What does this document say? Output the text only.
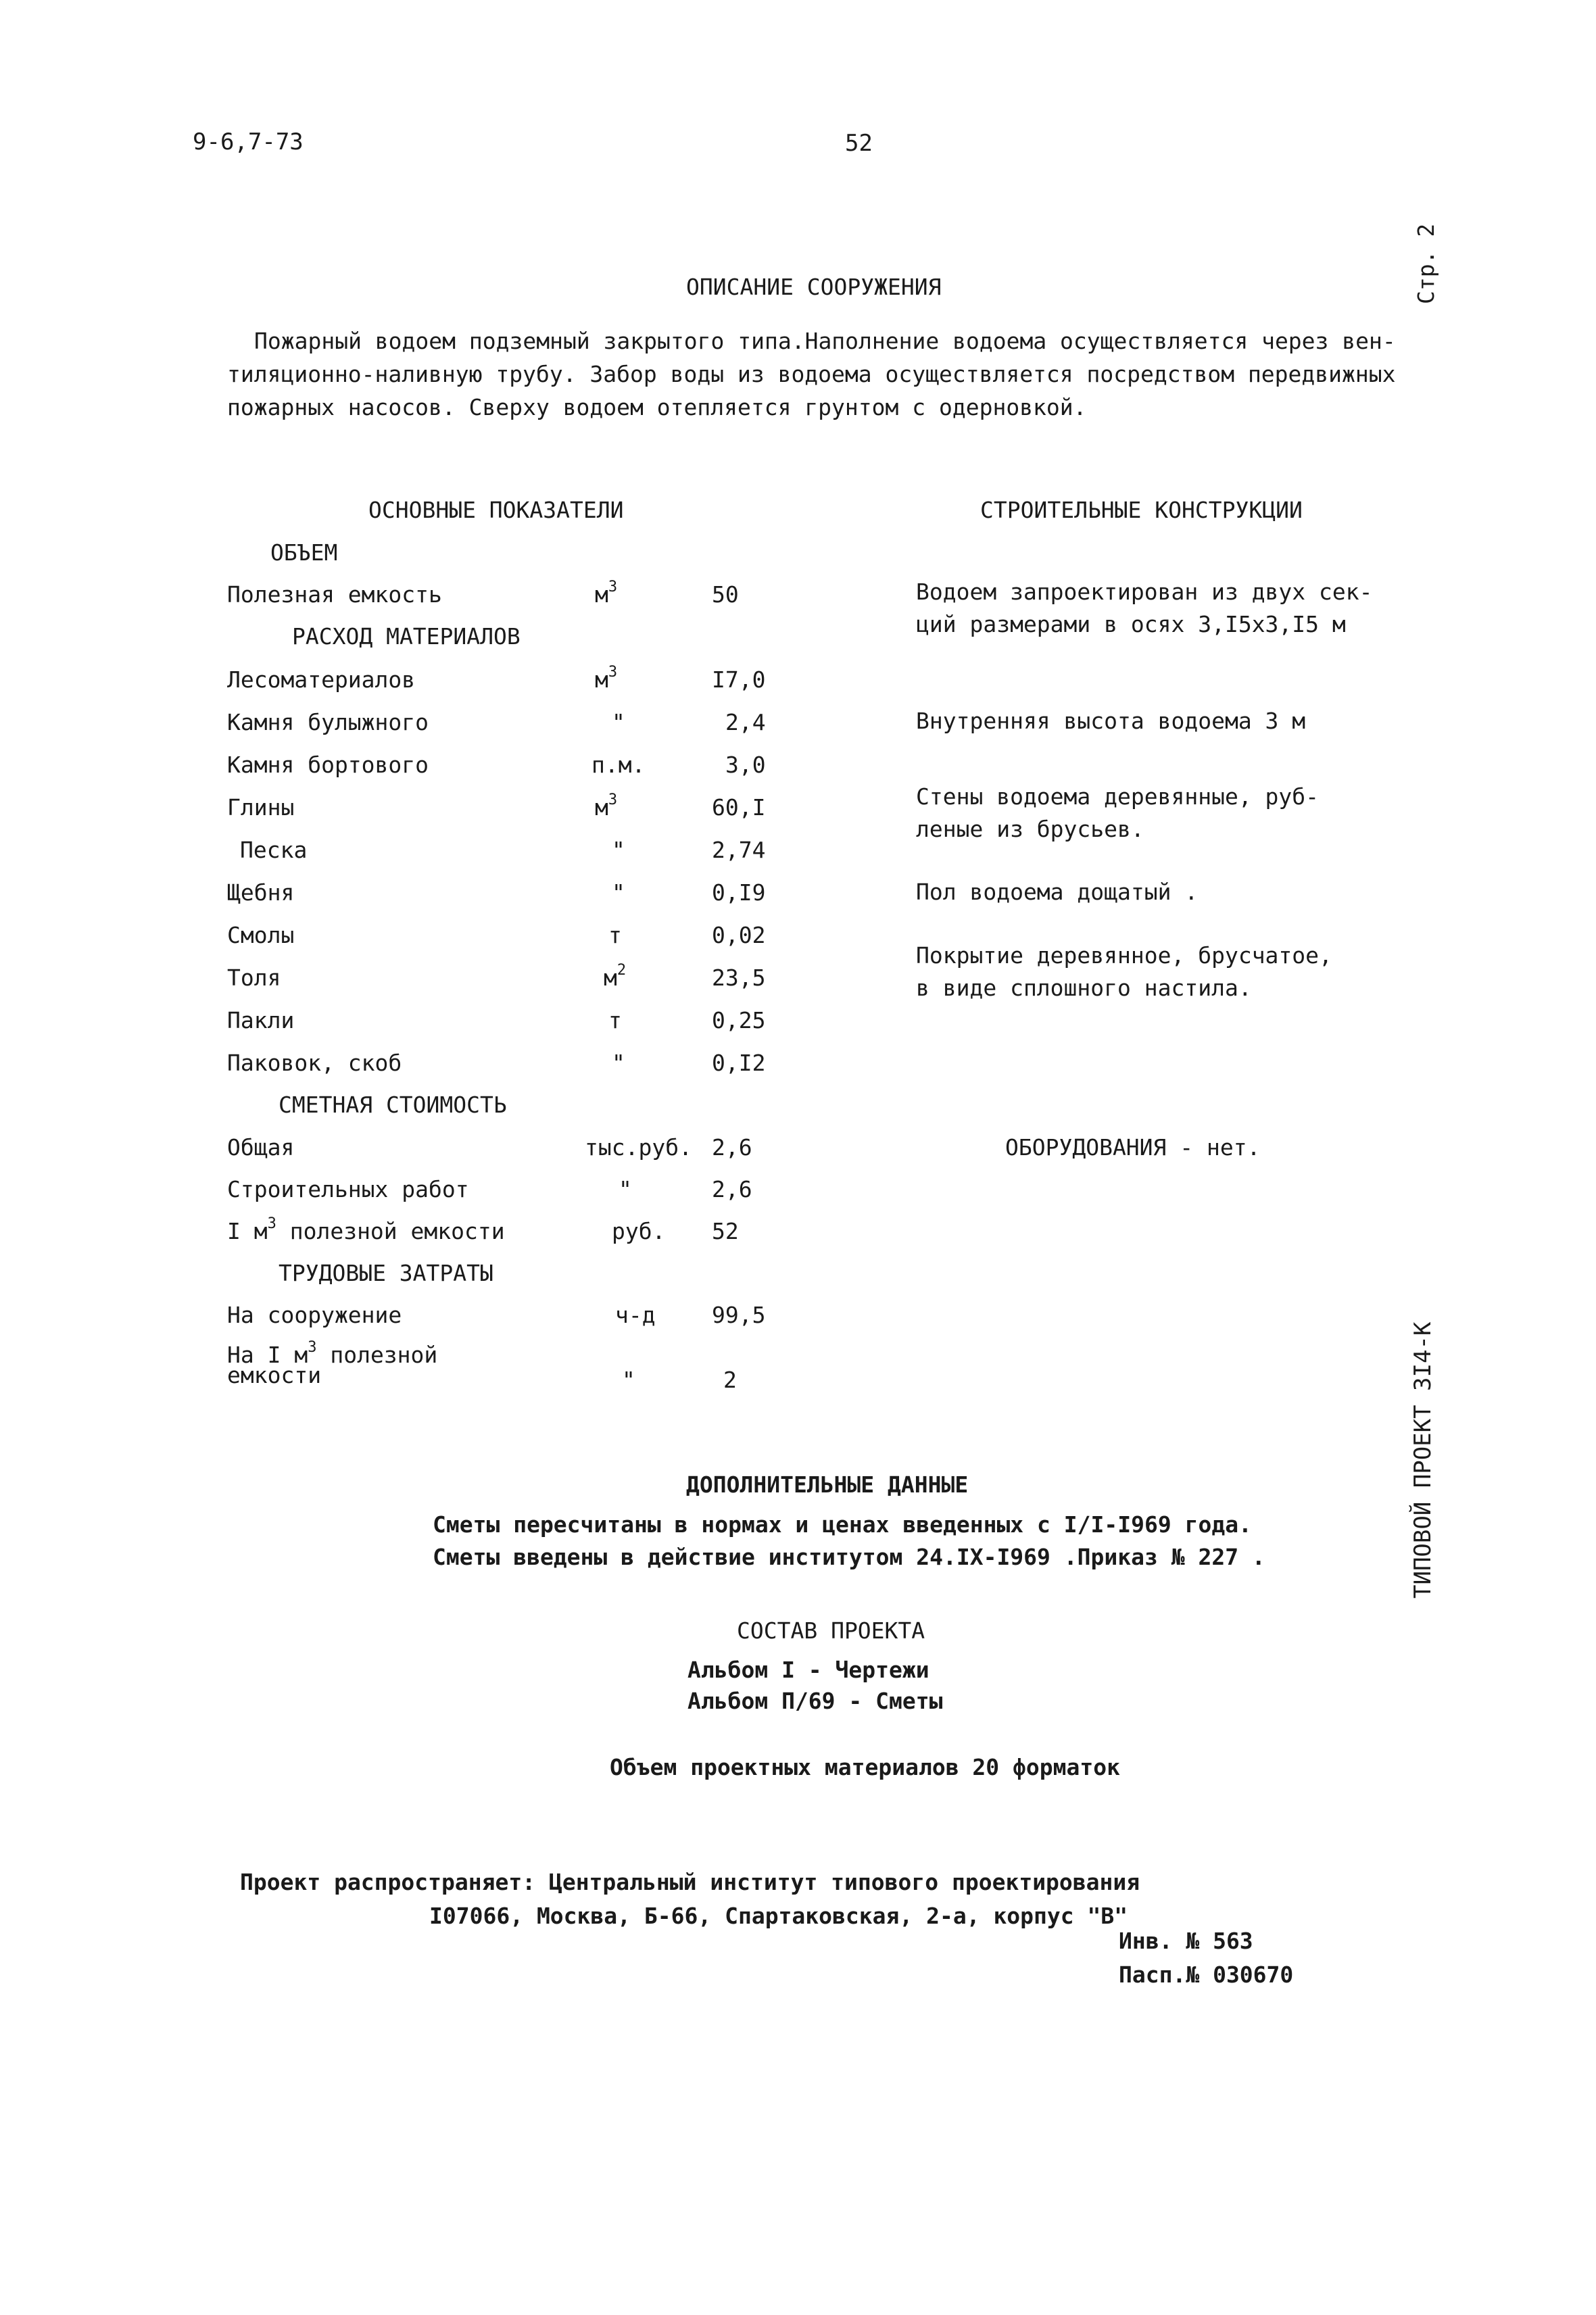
9-6,7-73	52
Стр. 2
ОПИСАНИЕ СООРУЖЕНИЯ
Пожарный водоем подземный закрытого типа.Наполнение водоема осуществляется через вен-
тиляционно-наливную трубу. Забор воды из водоема осуществляется посредством передвижных
пожарных насосов. Сверху водоем отепляется грунтом с одерновкой.
ОСНОВНЫЕ ПОКАЗАТЕЛИ
ОБЪЕМ
Полезная емкость	$м^3$	50
РАСХОД МАТЕРИАЛОВ
Лесоматериалов	$м^3$	I7,0
Камня булыжного	"	2,4
Камня бортового	п.м.	3,0
Глины	$м^3$	60,I
Песка	"	2,74
Щебня	"	0,I9
Смолы	т	0,02
Толя	$м^2$	23,5
Пакли	т	0,25
Паковок, скоб	"	0,I2
СМЕТНАЯ СТОИМОСТЬ
Общая	тыс.руб. 2,6
Строительных работ	"	2,6
I $м^3$ полезной емкости	руб. 52
ТРУДОВЫЕ ЗАТРАТЫ
На сооружение	ч-д	99,5
На I $м^3$ полезной
емкости	"	2
СТРОИТЕЛЬНЫЕ КОНСТРУКЦИИ
Водоем запроектирован из двух сек-
ций размерами в осях 3,I5х3,I5 м
Внутренняя высота водоема 3 м
Стены водоема деревянные, руб-
леные из брусьев.
Пол водоема дощатый .
Покрытие деревянное, брусчатое,
в виде сплошного настила.
ОБОРУДОВАНИЯ - нет.
ДОПОЛНИТЕЛЬНЫЕ ДАННЫЕ
Сметы пересчитаны в нормах и ценах введенных с I/I-I969 года.
Сметы введены в действие институтом 24.IX-I969 .Приказ № 227 .
СОСТАВ ПРОЕКТА
Альбом I - Чертежи
Альбом П/69 - Сметы
Объем проектных материалов 20 форматок
Проект распространяет: Центральный институт типового проектирования
I07066, Москва, Б-66, Спартаковская, 2-а, корпус "В"
Инв. № 563
Пасп.№ 030670
ТИПОВОЙ ПРОЕКТ 3I4-К
